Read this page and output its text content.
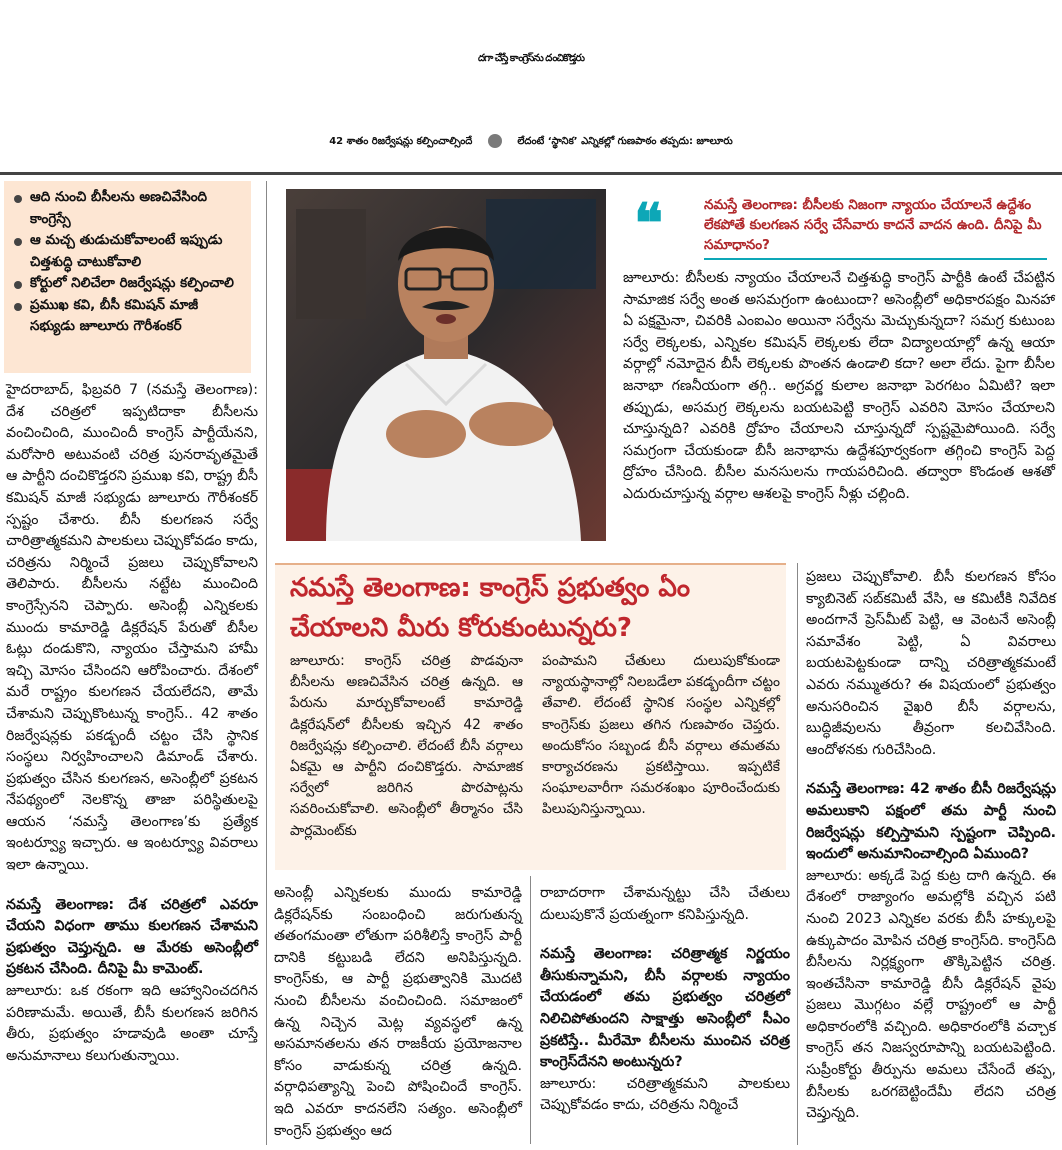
దగా చేస్తే కాంగ్రెస్‌ను దంచికొడ్తరు
42 శాతం రిజర్వేషన్లు కల్పించాల్సిందే	లేదంటే ‘స్థానిక’ ఎన్నికల్లో గుణపాఠం తప్పదు: జూలూరు
ఆది నుంచి బీసీలను అణచివేసింది కాంగ్రెస్సే
ఆ మచ్చ తుడుచుకోవాలంటే ఇప్పుడు చిత్తశుద్ధి చాటుకోవాలి
కోర్టులో నిలిచేలా రిజర్వేషన్లు కల్పించాలి
ప్రముఖ కవి, బీసీ కమిషన్ మాజీ సభ్యుడు జూలూరు గౌరీశంకర్

హైదరాబాద్, ఫిబ్రవరి 7 (నమస్తే తెలంగాణ): దేశ చరిత్రలో ఇప్పటిదాకా బీసీలను వంచించింది, ముంచిందీ కాంగ్రెస్ పార్టీయేనని, మరోసారి అటువంటి చరిత్ర పునరావృతమైతే ఆ పార్టీని దంచికొడ్తరని ప్రముఖ కవి, రాష్ట్ర బీసీ కమిషన్ మాజీ సభ్యుడు జూలూరు గౌరీశంకర్ స్పష్టం చేశారు. బీసీ కులగణన సర్వే చారిత్రాత్మకమని పాలకులు చెప్పుకోవడం కాదు, చరిత్రను నిర్మించే ప్రజలు చెప్పుకోవాలని తెలిపారు. బీసీలను నట్టేట ముంచింది కాంగ్రెస్సేనని చెప్పారు. అసెంబ్లీ ఎన్నికలకు ముందు కామారెడ్డి డిక్లరేషన్ పేరుతో బీసీల ఓట్లు దండుకొని, న్యాయం చేస్తామని హామీ ఇచ్చి మోసం చేసిందని ఆరోపించారు. దేశంలో మరే రాష్ట్రం కులగణన చేయలేదని, తామే చేశామని చెప్పుకొంటున్న కాంగ్రెస్.. 42 శాతం రిజర్వేషన్లకు పకడ్బందీ చట్టం చేసి స్థానిక సంస్థలు నిర్వహించాలని డిమాండ్ చేశారు. ప్రభుత్వం చేసిన కులగణన, అసెంబ్లీలో ప్రకటన నేపథ్యంలో నెలకొన్న తాజా పరిస్థితులపై ఆయన ‘నమస్తే తెలంగాణ’కు ప్రత్యేక ఇంటర్వ్యూ ఇచ్చారు. ఆ ఇంటర్వ్యూ వివరాలు ఇలా ఉన్నాయి.

నమస్తే తెలంగాణ: దేశ చరిత్రలో ఎవరూ చేయని విధంగా తాము కులగణన చేశామని ప్రభుత్వం చెప్తున్నది. ఆ మేరకు అసెంబ్లీలో ప్రకటన చేసింది. దీనిపై మీ కామెంట్.

జూలూరు: ఒక రకంగా ఇది ఆహ్వానించదగిన పరిణామమే. అయితే, బీసీ కులగణన జరిగిన తీరు, ప్రభుత్వం హడావుడి అంతా చూస్తే అనుమానాలు కలుగుతున్నాయి.

❝	నమస్తే తెలంగాణ: బీసీలకు నిజంగా న్యాయం చేయాలనే ఉద్దేశం లేకపోతే కులగణన సర్వే చేసేవారు కాదనే వాదన ఉంది. దీనిపై మీ సమాధానం?

జూలూరు: బీసీలకు న్యాయం చేయాలనే చిత్తశుద్ధి కాంగ్రెస్ పార్టీకి ఉంటే చేపట్టిన సామాజిక సర్వే అంత అసమగ్రంగా ఉంటుందా? అసెంబ్లీలో అధికారపక్షం మినహా ఏ పక్షమైనా, చివరికి ఎంఐఎం అయినా సర్వేను మెచ్చుకున్నదా? సమగ్ర కుటుంబ సర్వే లెక్కలకు, ఎన్నికల కమిషన్ లెక్కలకు లేదా విద్యాలయాల్లో ఉన్న ఆయా వర్గాల్లో నమోదైన బీసీ లెక్కలకు పొంతన ఉండాలి కదా? అలా లేదు. పైగా బీసీల జనాభా గణనీయంగా తగ్గి.. అగ్రవర్ణ కులాల జనాభా పెరగటం ఏమిటి? ఇలా తప్పుడు, అసమగ్ర లెక్కలను బయటపెట్టి కాంగ్రెస్ ఎవరిని మోసం చేయాలని చూస్తున్నది? ఎవరికి ద్రోహం చేయాలని చూస్తున్నదో స్పష్టమైపోయింది. సర్వే సమగ్రంగా చేయకుండా బీసీ జనాభాను ఉద్దేశపూర్వకంగా తగ్గించి కాంగ్రెస్ పెద్ద ద్రోహం చేసింది. బీసీల మనసులను గాయపరిచింది. తద్వారా కొండంత ఆశతో ఎదురుచూస్తున్న వర్గాల ఆశలపై కాంగ్రెస్ నీళ్లు చల్లింది.

నమస్తే తెలంగాణ: కాంగ్రెస్ ప్రభుత్వం ఏం చేయాలని మీరు కోరుకుంటున్నరు?

జూలూరు: కాంగ్రెస్ చరిత్ర పొడవునా బీసీలను అణచివేసిన చరిత్ర ఉన్నది. ఆ పేరును మార్చుకోవాలంటే కామారెడ్డి డిక్లరేషన్‌లో బీసీలకు ఇచ్చిన 42 శాతం రిజర్వేషన్లు కల్పించాలి. లేదంటే బీసీ వర్గాలు ఏకమై ఆ పార్టీని దంచికొడ్తరు. సామాజిక సర్వేలో జరిగిన పొరపాట్లను సవరించుకోవాలి. అసెంబ్లీలో తీర్మానం చేసి పార్లమెంట్‌కు

పంపామని చేతులు దులుపుకోకుండా న్యాయస్థానాల్లో నిలబడేలా పకడ్బందీగా చట్టం తేవాలి. లేదంటే స్థానిక సంస్థల ఎన్నికల్లో కాంగ్రెస్‌కు ప్రజలు తగిన గుణపాఠం చెప్తరు. అందుకోసం సబ్బండ బీసీ వర్గాలు తమతమ కార్యాచరణను ప్రకటిస్తాయి. ఇప్పటికే సంఘాలవారీగా సమరశంఖం పూరించేందుకు పిలుపునిస్తున్నాయి.

అసెంబ్లీ ఎన్నికలకు ముందు కామారెడ్డి డిక్లరేషన్‌కు సంబంధించి జరుగుతున్న తతంగమంతా లోతుగా పరిశీలిస్తే కాంగ్రెస్ పార్టీ దానికి కట్టుబడి లేదని అనిపిస్తున్నది. కాంగ్రెస్‌కు, ఆ పార్టీ ప్రభుత్వానికి మొదటి నుంచి బీసీలను వంచించింది. సమాజంలో ఉన్న నిచ్చెన మెట్ల వ్యవస్థలో ఉన్న అసమానతలను తన రాజకీయ ప్రయోజనాల కోసం వాడుకున్న చరిత్ర ఉన్నది. వర్గాధిపత్యాన్ని పెంచి పోషించిందే కాంగ్రెస్. ఇది ఎవరూ కాదనలేని సత్యం. అసెంబ్లీలో కాంగ్రెస్ ప్రభుత్వం ఆద

రాబాదరాగా చేశామన్నట్టు చేసి చేతులు దులుపుకొనే ప్రయత్నంగా కనిపిస్తున్నది.

నమస్తే తెలంగాణ: చరిత్రాత్మక నిర్ణయం తీసుకున్నామని, బీసీ వర్గాలకు న్యాయం చేయడంలో తమ ప్రభుత్వం చరిత్రలో నిలిచిపోతుందని సాక్షాత్తు అసెంబ్లీలో సీఎం ప్రకటిస్తే.. మీరేమో బీసీలను ముంచిన చరిత్ర కాంగ్రెస్‌దేనని అంటున్నరు?

జూలూరు: చరిత్రాత్మకమని పాలకులు చెప్పుకోవడం కాదు, చరిత్రను నిర్మించే

ప్రజలు చెప్పుకోవాలి. బీసీ కులగణన కోసం క్యాబినెట్ సబ్‌కమిటీ వేసి, ఆ కమిటీకి నివేదిక అందగానే ప్రెస్‌మీట్ పెట్టి, ఆ వెంటనే అసెంబ్లీ సమావేశం పెట్టి, ఏ వివరాలు బయటపెట్టకుండా దాన్ని చరిత్రాత్మకమంటే ఎవరు నమ్ముతరు? ఈ విషయంలో ప్రభుత్వం అనుసరించిన వైఖరి బీసీ వర్గాలను, బుద్ధిజీవులను తీవ్రంగా కలచివేసింది. ఆందోళనకు గురిచేసింది.

నమస్తే తెలంగాణ: 42 శాతం బీసీ రిజర్వేషన్లు అమలుకాని పక్షంలో తమ పార్టీ నుంచి రిజర్వేషన్లు కల్పిస్తామని స్పష్టంగా చెప్పింది. ఇందులో అనుమానించాల్సింది ఏముంది?

జూలూరు: అక్కడే పెద్ద కుట్ర దాగి ఉన్నది. ఈ దేశంలో రాజ్యాంగం అమల్లోకి వచ్చిన పటి నుంచి 2023 ఎన్నికల వరకు బీసీ హక్కులపై ఉక్కుపాదం మోపిన చరిత్ర కాంగ్రెస్‌ది. కాంగ్రెస్‌ది బీసీలను నిర్లక్ష్యంగా తొక్కిపెట్టిన చరిత్ర. ఇంతచేసినా కామారెడ్డి బీసీ డిక్లరేషన్ వైపు ప్రజలు మొగ్గటం వల్లే రాష్ట్రంలో ఆ పార్టీ అధికారంలోకి వచ్చింది. అధికారంలోకి వచ్చాక కాంగ్రెస్ తన నిజస్వరూపాన్ని బయటపెట్టింది. సుప్రీంకోర్టు తీర్పును అమలు చేసేందే తప్ప, బీసీలకు ఒరగబెట్టిందేమీ లేదని చరిత్ర చెప్తున్నది.
